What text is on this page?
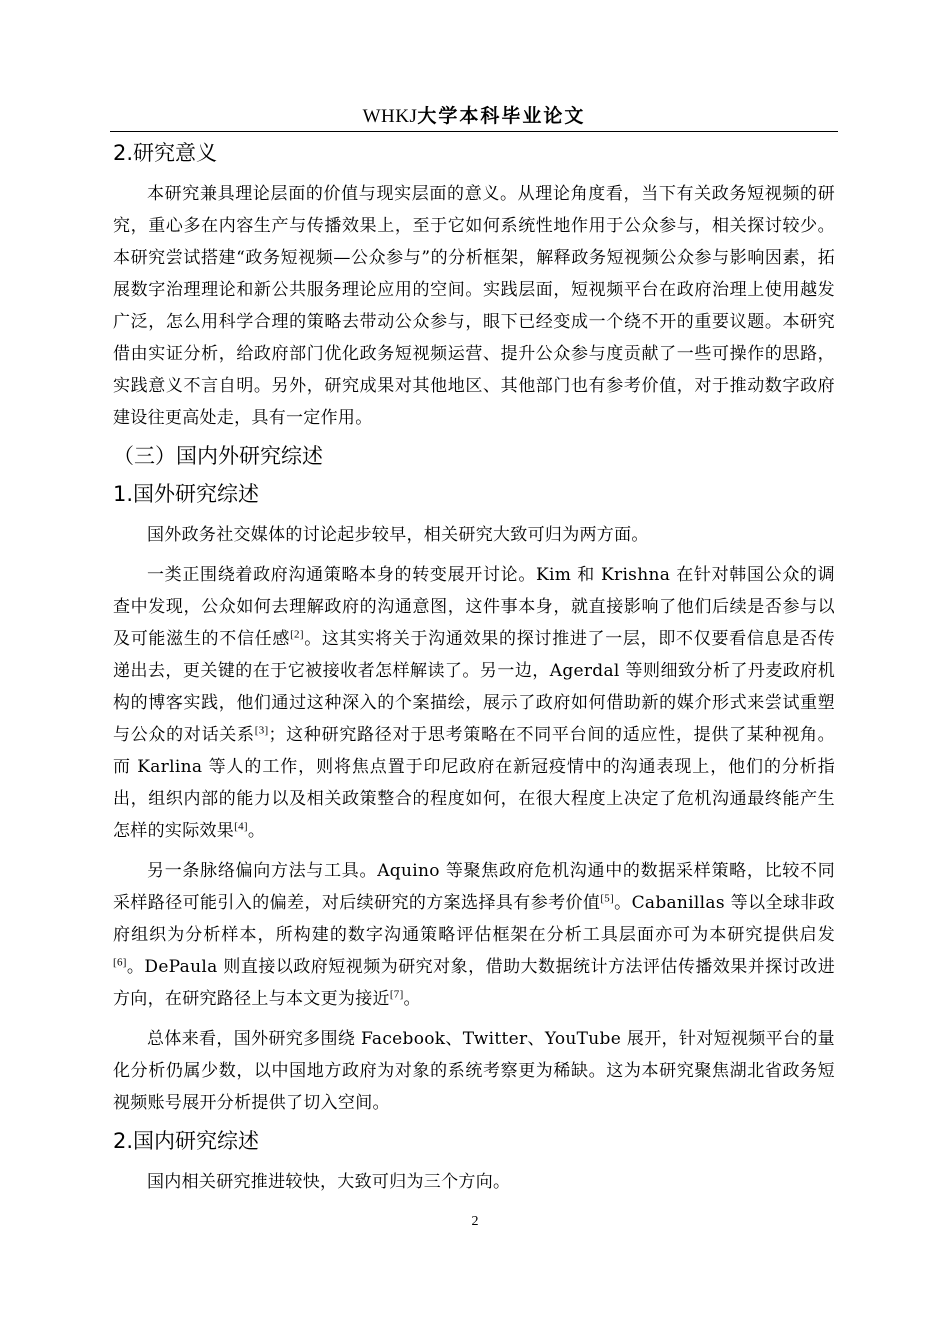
WHKJ大学本科毕业论文
2.研究意义

本研究兼具理论层面的价值与现实层面的意义。从理论角度看，当下有关政务短视频的研究，重心多在内容生产与传播效果上，至于它如何系统性地作用于公众参与，相关探讨较少。本研究尝试搭建“政务短视频—公众参与”的分析框架，解释政务短视频公众参与影响因素，拓展数字治理理论和新公共服务理论应用的空间。实践层面，短视频平台在政府治理上使用越发广泛，怎么用科学合理的策略去带动公众参与，眼下已经变成一个绕不开的重要议题。本研究借由实证分析，给政府部门优化政务短视频运营、提升公众参与度贡献了一些可操作的思路，实践意义不言自明。另外，研究成果对其他地区、其他部门也有参考价值，对于推动数字政府建设往更高处走，具有一定作用。

（三）国内外研究综述
1.国外研究综述

国外政务社交媒体的讨论起步较早，相关研究大致可归为两方面。

一类正围绕着政府沟通策略本身的转变展开讨论。Kim 和 Krishna 在针对韩国公众的调查中发现，公众如何去理解政府的沟通意图，这件事本身，就直接影响了他们后续是否参与以及可能滋生的不信任感[2]。这其实将关于沟通效果的探讨推进了一层，即不仅要看信息是否传递出去，更关键的在于它被接收者怎样解读了。另一边，Agerdal 等则细致分析了丹麦政府机构的博客实践，他们通过这种深入的个案描绘，展示了政府如何借助新的媒介形式来尝试重塑与公众的对话关系[3]；这种研究路径对于思考策略在不同平台间的适应性，提供了某种视角。而 Karlina 等人的工作，则将焦点置于印尼政府在新冠疫情中的沟通表现上，他们的分析指出，组织内部的能力以及相关政策整合的程度如何，在很大程度上决定了危机沟通最终能产生怎样的实际效果[4]。

另一条脉络偏向方法与工具。Aquino 等聚焦政府危机沟通中的数据采样策略，比较不同采样路径可能引入的偏差，对后续研究的方案选择具有参考价值[5]。Cabanillas 等以全球非政府组织为分析样本，所构建的数字沟通策略评估框架在分析工具层面亦可为本研究提供启发[6]。DePaula 则直接以政府短视频为研究对象，借助大数据统计方法评估传播效果并探讨改进方向，在研究路径上与本文更为接近[7]。

总体来看，国外研究多围绕 Facebook、Twitter、YouTube 展开，针对短视频平台的量化分析仍属少数，以中国地方政府为对象的系统考察更为稀缺。这为本研究聚焦湖北省政务短视频账号展开分析提供了切入空间。

2.国内研究综述

国内相关研究推进较快，大致可归为三个方向。

2
